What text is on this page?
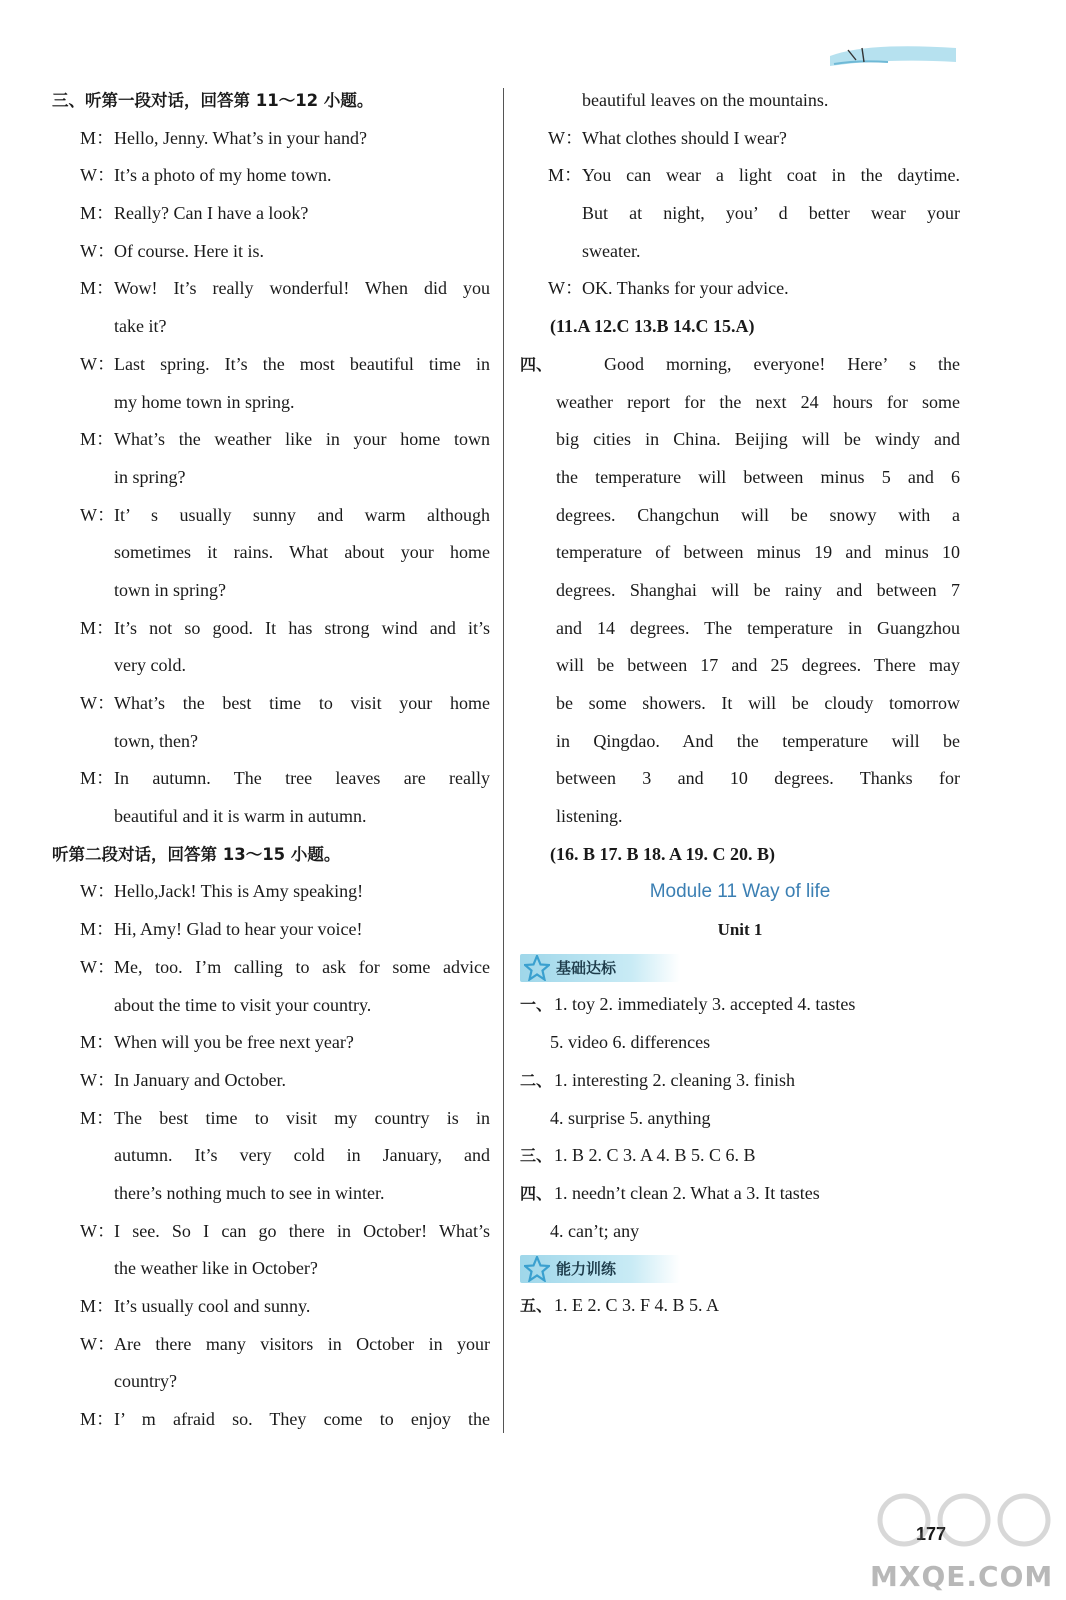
三、听第一段对话，回答第 11～12 小题。
M： Hello, Jenny. What’s in your hand?
W： It’s a photo of my home town.
M： Really? Can I have a look?
W： Of course. Here it is.
M： Wow! It’s really wonderful! When did you
take it?
W： Last spring. It’s the most beautiful time in
my home town in spring.
M： What’s the weather like in your home town
in spring?
W： It’ s usually sunny and warm although
sometimes it rains. What about your home
town in spring?
M： It’s not so good. It has strong wind and it’s
very cold.
W： What’s the best time to visit your home
town, then?
M： In autumn. The tree leaves are really
beautiful and it is warm in autumn.
听第二段对话，回答第 13～15 小题。
W： Hello,Jack! This is Amy speaking!
M： Hi, Amy! Glad to hear your voice!
W： Me, too. I’m calling to ask for some advice
about the time to visit your country.
M： When will you be free next year?
W： In January and October.
M： The best time to visit my country is in
autumn. It’s very cold in January, and
there’s nothing much to see in winter.
W： I see. So I can go there in October! What’s
the weather like in October?
M： It’s usually cool and sunny.
W： Are there many visitors in October in your
country?
M： I’ m afraid so. They come to enjoy the
beautiful leaves on the mountains.
W： What clothes should I wear?
M： You can wear a light coat in the daytime.
But at night, you’ d better wear your
sweater.
W： OK. Thanks for your advice.
(11.A 12.C 13.B 14.C 15.A)
四、	Good morning, everyone! Here’ s the
weather report for the next 24 hours for some
big cities in China. Beijing will be windy and
the temperature will between minus 5 and 6
degrees. Changchun will be snowy with a
temperature of between minus 19 and minus 10
degrees. Shanghai will be rainy and between 7
and 14 degrees. The temperature in Guangzhou
will be between 17 and 25 degrees. There may
be some showers. It will be cloudy tomorrow
in Qingdao. And the temperature will be
between 3 and 10 degrees. Thanks for
listening.
(16. B 17. B 18. A 19. C 20. B)
Module 11 Way of life
Unit 1
基础达标
一、 1. toy 2. immediately 3. accepted 4. tastes
5. video 6. differences
二、 1. interesting 2. cleaning 3. finish
4. surprise 5. anything
三、 1. B 2. C 3. A 4. B 5. C 6. B
四、 1. needn’t clean 2. What a 3. It tastes
4. can’t; any
能力训练
五、 1. E 2. C 3. F 4. B 5. A
177
MXQE.COM
